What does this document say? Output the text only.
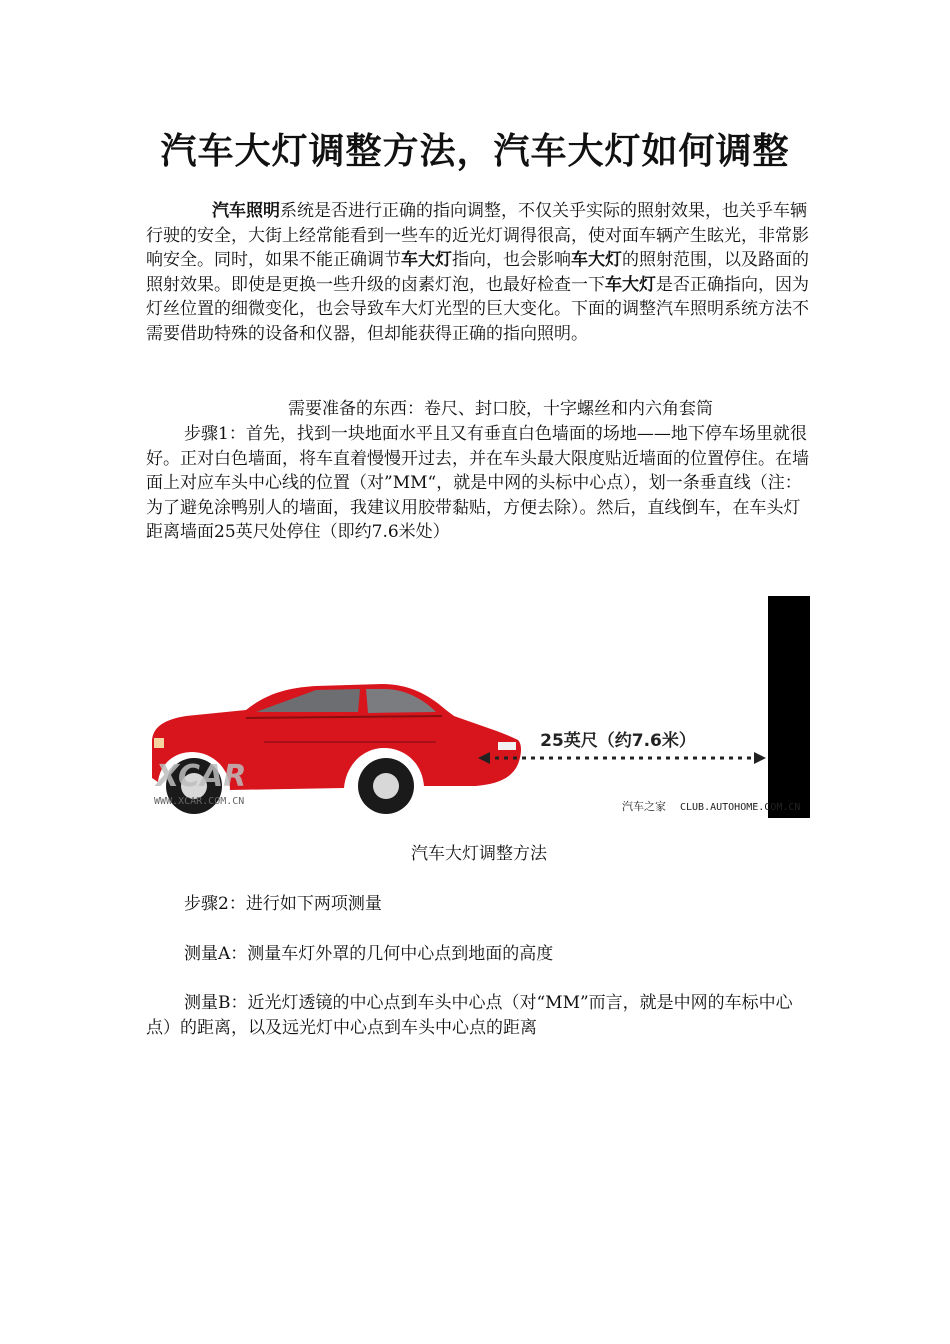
汽车大灯调整方法，汽车大灯如何调整

汽车照明系统是否进行正确的指向调整，不仅关乎实际的照射效果，也关乎车辆行驶的安全，大街上经常能看到一些车的近光灯调得很高，使对面车辆产生眩光，非常影响安全。同时，如果不能正确调节车大灯指向，也会影响车大灯的照射范围，以及路面的照射效果。即使是更换一些升级的卤素灯泡，也最好检查一下车大灯是否正确指向，因为灯丝位置的细微变化，也会导致车大灯光型的巨大变化。下面的调整汽车照明系统方法不需要借助特殊的设备和仪器，但却能获得正确的指向照明。

需要准备的东西：卷尺、封口胶，十字螺丝和内六角套筒

步骤1：首先，找到一块地面水平且又有垂直白色墙面的场地——地下停车场里就很好。正对白色墙面，将车直着慢慢开过去，并在车头最大限度贴近墙面的位置停住。在墙面上对应车头中心线的位置（对”MM“，就是中网的头标中心点），划一条垂直线（注：为了避免涂鸭别人的墙面，我建议用胶带黏贴，方便去除）。然后，直线倒车，在车头灯距离墙面25英尺处停住（即约7.6米处）

25英尺（约7.6米）
XCAR
WWW.XCAR.COM.CN	汽车之家 CLUB.AUTOHOME.COM.CN

汽车大灯调整方法

步骤2：进行如下两项测量

测量A：测量车灯外罩的几何中心点到地面的高度

测量B：近光灯透镜的中心点到车头中心点（对“MM”而言，就是中网的车标中心点）的距离，以及远光灯中心点到车头中心点的距离
